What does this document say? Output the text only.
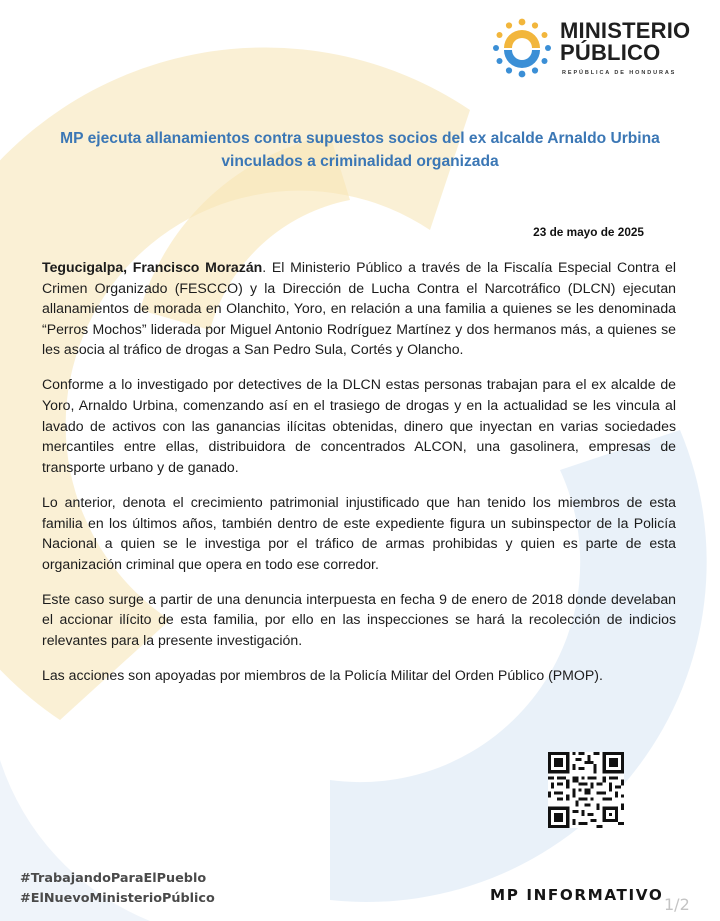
MINISTERIO
PÚBLICO
REPÚBLICA DE HONDURAS
MP ejecuta allanamientos contra supuestos socios del ex alcalde Arnaldo Urbina
vinculados a criminalidad organizada
23 de mayo de 2025

Tegucigalpa, Francisco Morazán. El Ministerio Público a través de la Fiscalía Especial Contra el Crimen Organizado (FESCCO) y la Dirección de Lucha Contra el Narcotráfico (DLCN) ejecutan allanamientos de morada en Olanchito, Yoro, en relación a una familia a quienes se les denominada “Perros Mochos” liderada por Miguel Antonio Rodríguez Martínez y dos hermanos más, a quienes se les asocia al tráfico de drogas a San Pedro Sula, Cortés y Olancho.

Conforme a lo investigado por detectives de la DLCN estas personas trabajan para el ex alcalde de Yoro, Arnaldo Urbina, comenzando así en el trasiego de drogas y en la actualidad se les vincula al lavado de activos con las ganancias ilícitas obtenidas, dinero que inyectan en varias sociedades mercantiles entre ellas, distribuidora de concentrados ALCON, una gasolinera, empresas de transporte urbano y de ganado.

Lo anterior, denota el crecimiento patrimonial injustificado que han tenido los miembros de esta familia en los últimos años, también dentro de este expediente figura un subinspector de la Policía Nacional a quien se le investiga por el tráfico de armas prohibidas y quien es parte de esta organización criminal que opera en todo ese corredor.

Este caso surge a partir de una denuncia interpuesta en fecha 9 de enero de 2018 donde develaban el accionar ilícito de esta familia, por ello en las inspecciones se hará la recolección de indicios relevantes para la presente investigación.

Las acciones son apoyadas por miembros de la Policía Militar del Orden Público (PMOP).

#TrabajandoParaElPueblo
#ElNuevoMinisterioPúblico	MP INFORMATIVO 1/2
